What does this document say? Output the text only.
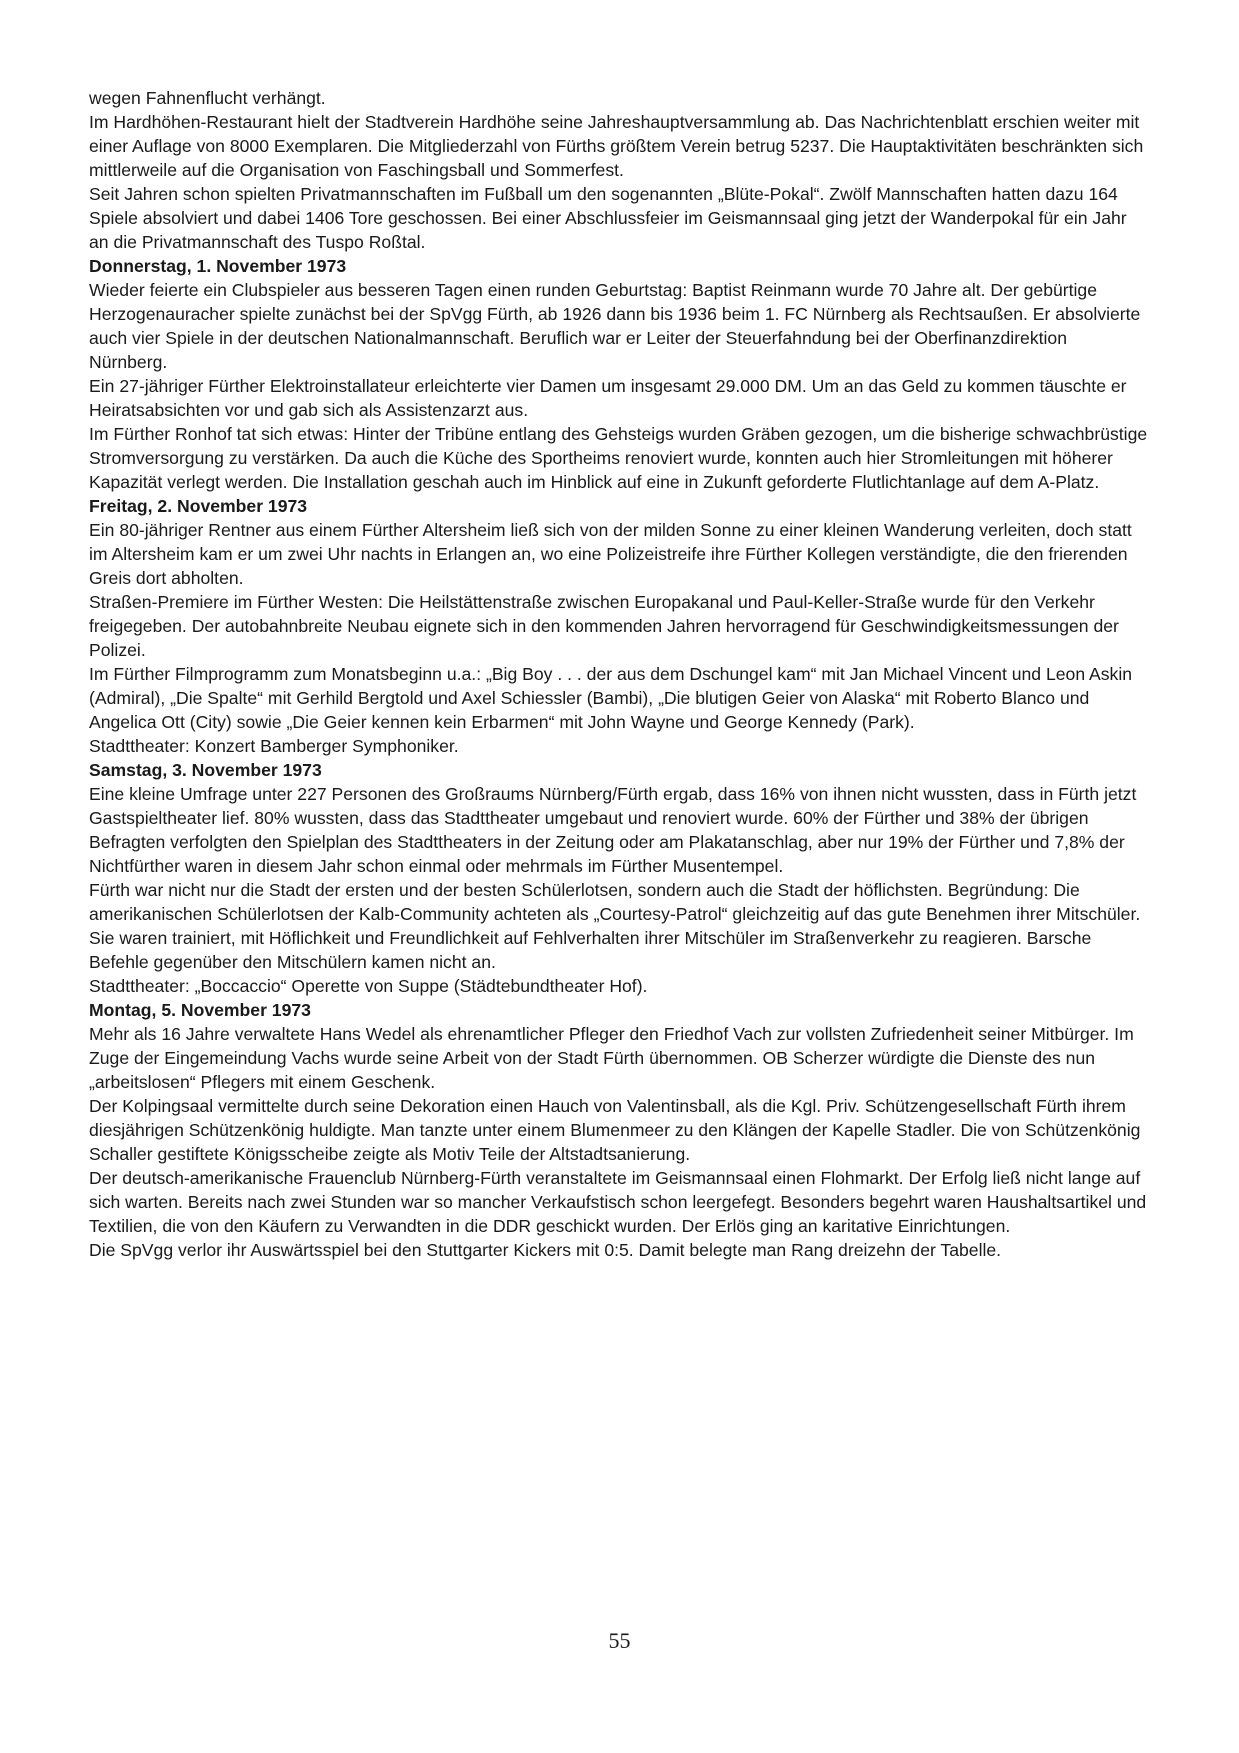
wegen Fahnenflucht verhängt.

Im Hardhöhen-Restaurant hielt der Stadtverein Hardhöhe seine Jahreshauptversammlung ab. Das Nachrichtenblatt erschien weiter mit einer Auflage von 8000 Exemplaren. Die Mitgliederzahl von Fürths größtem Verein betrug 5237. Die Hauptaktivitäten beschränkten sich mittlerweile auf die Organisation von Faschingsball und Sommerfest.

Seit Jahren schon spielten Privatmannschaften im Fußball um den sogenannten „Blüte-Pokal“. Zwölf Mannschaften hatten dazu 164 Spiele absolviert und dabei 1406 Tore geschossen. Bei einer Abschlussfeier im Geismannsaal ging jetzt der Wanderpokal für ein Jahr an die Privatmannschaft des Tuspo Roßtal.

Donnerstag, 1. November 1973

Wieder feierte ein Clubspieler aus besseren Tagen einen runden Geburtstag: Baptist Reinmann wurde 70 Jahre alt. Der gebürtige Herzogenauracher spielte zunächst bei der SpVgg Fürth, ab 1926 dann bis 1936 beim 1. FC Nürnberg als Rechtsaußen. Er absolvierte auch vier Spiele in der deutschen Nationalmannschaft. Beruflich war er Leiter der Steuerfahndung bei der Oberfinanzdirektion Nürnberg.

Ein 27-jähriger Fürther Elektroinstallateur erleichterte vier Damen um insgesamt 29.000 DM. Um an das Geld zu kommen täuschte er Heiratsabsichten vor und gab sich als Assistenzarzt aus.

Im Fürther Ronhof tat sich etwas: Hinter der Tribüne entlang des Gehsteigs wurden Gräben gezogen, um die bisherige schwachbrüstige Stromversorgung zu verstärken. Da auch die Küche des Sportheims renoviert wurde, konnten auch hier Stromleitungen mit höherer Kapazität verlegt werden. Die Installation geschah auch im Hinblick auf eine in Zukunft geforderte Flutlichtanlage auf dem A-Platz.

Freitag, 2. November 1973

Ein 80-jähriger Rentner aus einem Fürther Altersheim ließ sich von der milden Sonne zu einer kleinen Wanderung verleiten, doch statt im Altersheim kam er um zwei Uhr nachts in Erlangen an, wo eine Polizeistreife ihre Fürther Kollegen verständigte, die den frierenden Greis dort abholten.

Straßen-Premiere im Fürther Westen: Die Heilstättenstraße zwischen Europakanal und Paul-Keller-Straße wurde für den Verkehr freigegeben. Der autobahnbreite Neubau eignete sich in den kommenden Jahren hervorragend für Geschwindigkeitsmessungen der Polizei.

Im Fürther Filmprogramm zum Monatsbeginn u.a.: „Big Boy . . . der aus dem Dschungel kam“ mit Jan Michael Vincent und Leon Askin (Admiral), „Die Spalte“ mit Gerhild Bergtold und Axel Schiessler (Bambi), „Die blutigen Geier von Alaska“ mit Roberto Blanco und Angelica Ott (City) sowie „Die Geier kennen kein Erbarmen“ mit John Wayne und George Kennedy (Park).

Stadttheater: Konzert Bamberger Symphoniker.

Samstag, 3. November 1973

Eine kleine Umfrage unter 227 Personen des Großraums Nürnberg/Fürth ergab, dass 16% von ihnen nicht wussten, dass in Fürth jetzt Gastspieltheater lief. 80% wussten, dass das Stadttheater umgebaut und renoviert wurde. 60% der Fürther und 38% der übrigen Befragten verfolgten den Spielplan des Stadttheaters in der Zeitung oder am Plakatanschlag, aber nur 19% der Fürther und 7,8% der Nichtfürther waren in diesem Jahr schon einmal oder mehrmals im Fürther Musentempel.

Fürth war nicht nur die Stadt der ersten und der besten Schülerlotsen, sondern auch die Stadt der höflichsten. Begründung: Die amerikanischen Schülerlotsen der Kalb-Community achteten als „Courtesy-Patrol“ gleichzeitig auf das gute Benehmen ihrer Mitschüler. Sie waren trainiert, mit Höflichkeit und Freundlichkeit auf Fehlverhalten ihrer Mitschüler im Straßenverkehr zu reagieren. Barsche Befehle gegenüber den Mitschülern kamen nicht an.

Stadttheater: „Boccaccio“ Operette von Suppe (Städtebundtheater Hof).

Montag, 5. November 1973

Mehr als 16 Jahre verwaltete Hans Wedel als ehrenamtlicher Pfleger den Friedhof Vach zur vollsten Zufriedenheit seiner Mitbürger. Im Zuge der Eingemeindung Vachs wurde seine Arbeit von der Stadt Fürth übernommen. OB Scherzer würdigte die Dienste des nun „arbeitslosen“ Pflegers mit einem Geschenk.

Der Kolpingsaal vermittelte durch seine Dekoration einen Hauch von Valentinsball, als die Kgl. Priv. Schützengesellschaft Fürth ihrem diesjährigen Schützenkönig huldigte. Man tanzte unter einem Blumenmeer zu den Klängen der Kapelle Stadler. Die von Schützenkönig Schaller gestiftete Königsscheibe zeigte als Motiv Teile der Altstadtsanierung.

Der deutsch-amerikanische Frauenclub Nürnberg-Fürth veranstaltete im Geismannsaal einen Flohmarkt. Der Erfolg ließ nicht lange auf sich warten. Bereits nach zwei Stunden war so mancher Verkaufstisch schon leergefegt. Besonders begehrt waren Haushaltsartikel und Textilien, die von den Käufern zu Verwandten in die DDR geschickt wurden. Der Erlös ging an karitative Einrichtungen.

Die SpVgg verlor ihr Auswärtsspiel bei den Stuttgarter Kickers mit 0:5. Damit belegte man Rang dreizehn der Tabelle.

55
